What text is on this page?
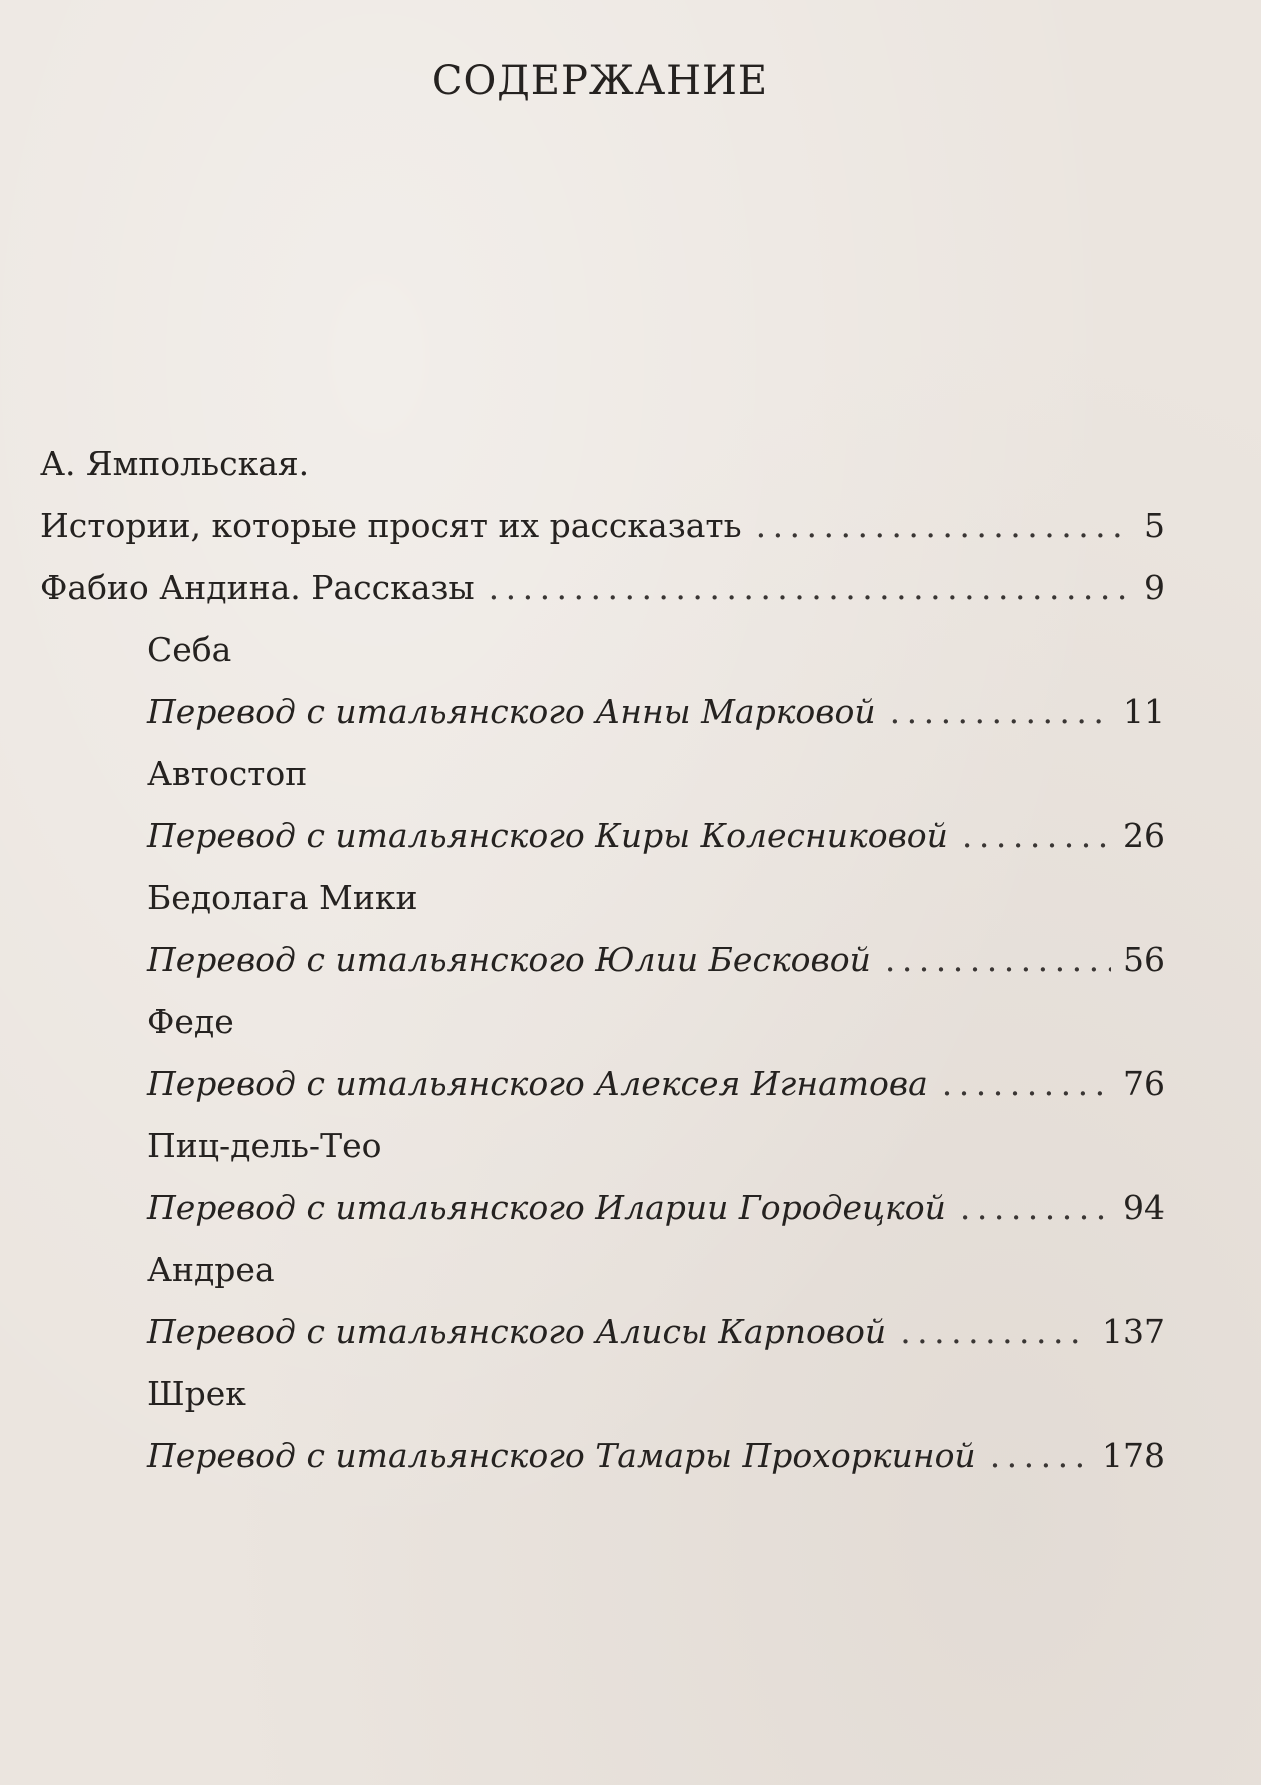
СОДЕРЖАНИЕ
А. Ямпольская.
Истории, которые просят их рассказать . . .	5
Фабио Андина. Рассказы . . .	9
Себа
Перевод с итальянского Анны Марковой . . .	11
Автостоп
Перевод с итальянского Киры Колесниковой . . .	26
Бедолага Мики
Перевод с итальянского Юлии Бесковой . . .	56
Феде
Перевод с итальянского Алексея Игнатова . . .	76
Пиц-дель-Тео
Перевод с итальянского Иларии Городецкой . . .	94
Андреа
Перевод с итальянского Алисы Карповой . . .	137
Шрек
Перевод с итальянского Тамары Прохоркиной . . .	178
